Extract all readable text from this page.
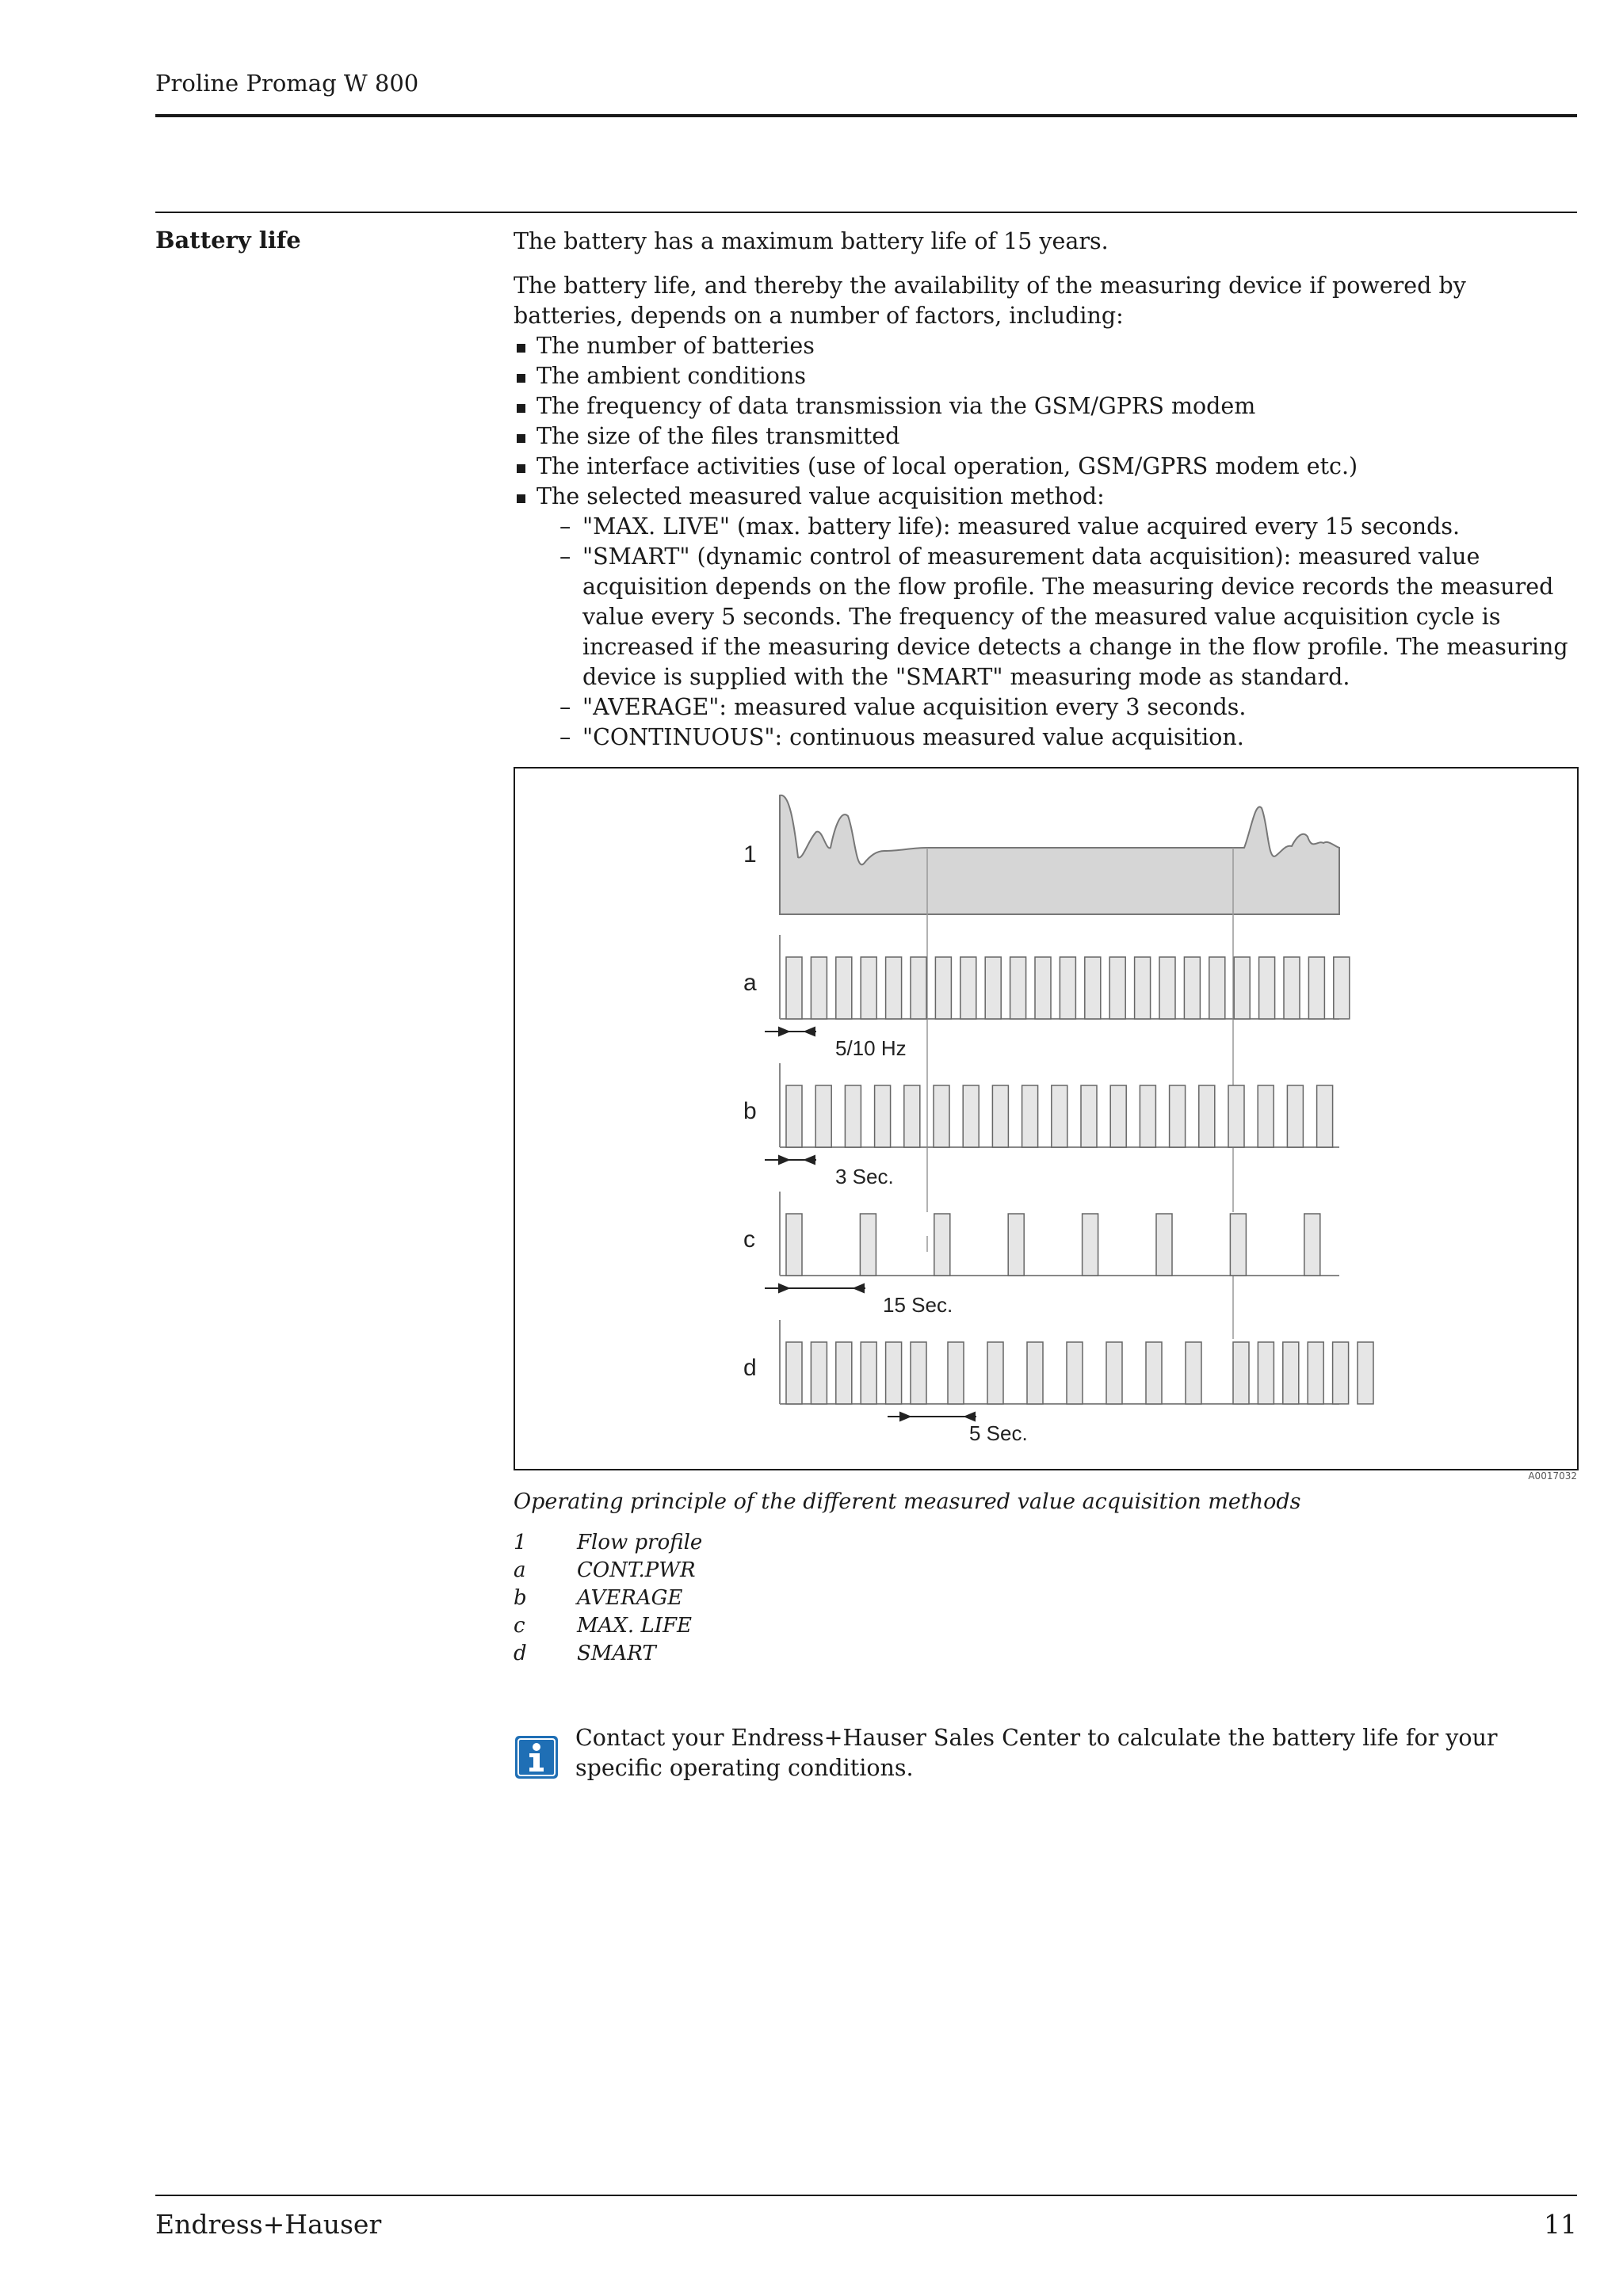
Proline Promag W 800
Battery life	The battery has a maximum battery life of 15 years.

The battery life, and thereby the availability of the measuring device if powered by batteries, depends on a number of factors, including:

The number of batteries
The ambient conditions
The frequency of data transmission via the GSM/GPRS modem
The size of the files transmitted
The interface activities (use of local operation, GSM/GPRS modem etc.)
The selected measured value acquisition method:
– "MAX. LIVE" (max. battery life): measured value acquired every 15 seconds.
– "SMART" (dynamic control of measurement data acquisition): measured value acquisition depends on the flow profile. The measuring device records the measured value every 5 seconds. The frequency of the measured value acquisition cycle is increased if the measuring device detects a change in the flow profile. The measuring device is supplied with the "SMART" measuring mode as standard.
– "AVERAGE": measured value acquisition every 3 seconds.
– "CONTINUOUS": continuous measured value acquisition.
1
a
b
c
d
5/10 Hz
3 Sec.
15 Sec.
5 Sec.
A0017032
Operating principle of the different measured value acquisition methods
1	Flow profile
a	CONT.PWR
b	AVERAGE
c	MAX. LIFE
d	SMART
Contact your Endress+Hauser Sales Center to calculate the battery life for your specific operating conditions.
Endress+Hauser	11
